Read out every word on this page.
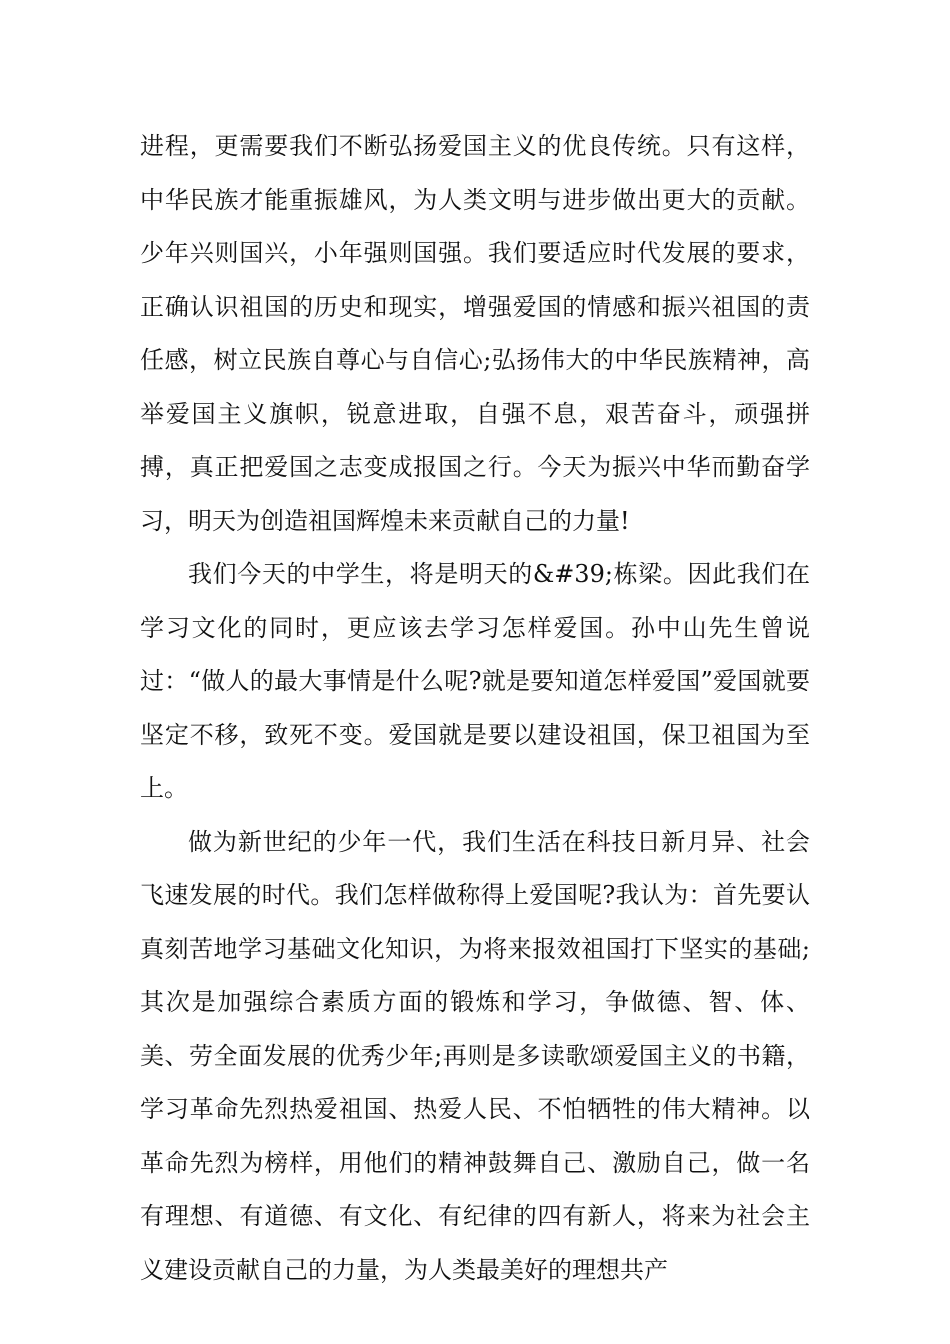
进程，更需要我们不断弘扬爱国主义的优良传统。只有这样，中华民族才能重振雄风，为人类文明与进步做出更大的贡献。少年兴则国兴，小年强则国强。我们要适应时代发展的要求，正确认识祖国的历史和现实，增强爱国的情感和振兴祖国的责任感，树立民族自尊心与自信心;弘扬伟大的中华民族精神，高举爱国主义旗帜，锐意进取，自强不息，艰苦奋斗，顽强拼搏，真正把爱国之志变成报国之行。今天为振兴中华而勤奋学习，明天为创造祖国辉煌未来贡献自己的力量!

我们今天的中学生，将是明天的&#39;栋梁。因此我们在学习文化的同时，更应该去学习怎样爱国。孙中山先生曾说过：“做人的最大事情是什么呢?就是要知道怎样爱国”爱国就要坚定不移，致死不变。爱国就是要以建设祖国，保卫祖国为至上。

做为新世纪的少年一代，我们生活在科技日新月异、社会飞速发展的时代。我们怎样做称得上爱国呢?我认为：首先要认真刻苦地学习基础文化知识，为将来报效祖国打下坚实的基础;其次是加强综合素质方面的锻炼和学习，争做德、智、体、美、劳全面发展的优秀少年;再则是多读歌颂爱国主义的书籍，学习革命先烈热爱祖国、热爱人民、不怕牺牲的伟大精神。以革命先烈为榜样，用他们的精神鼓舞自己、激励自己，做一名有理想、有道德、有文化、有纪律的四有新人，将来为社会主义建设贡献自己的力量，为人类最美好的理想共产
